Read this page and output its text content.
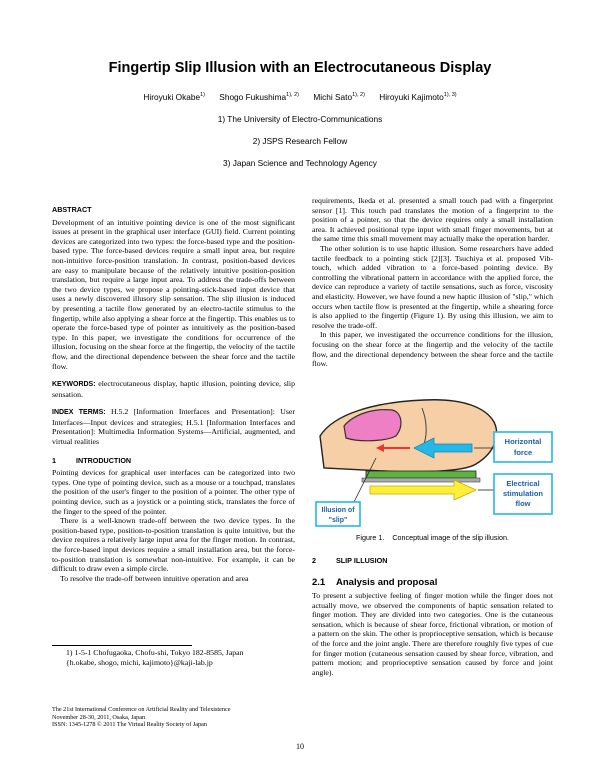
Fingertip Slip Illusion with an Electrocutaneous Display
Hiroyuki Okabe$^{1)}$ Shogo Fukushima$^{1), 2)}$ Michi Sato$^{1), 2)}$ Hiroyuki Kajimoto$^{1), 3)}$
1) The University of Electro-Communications
2) JSPS Research Fellow
3) Japan Science and Technology Agency
ABSTRACT

Development of an intuitive pointing device is one of the most significant issues at present in the graphical user interface (GUI) field. Current pointing devices are categorized into two types: the force-based type and the position-based type. The force-based devices require a small input area, but require non-intuitive force-position translation. In contrast, position-based devices are easy to manipulate because of the relatively intuitive position-position translation, but require a large input area. To address the trade-offs between the two device types, we propose a pointing-stick-based input device that uses a newly discovered illusory slip sensation. The slip illusion is induced by presenting a tactile flow generated by an electro-tactile stimulus to the fingertip, while also applying a shear force at the fingertip. This enables us to operate the force-based type of pointer as intuitively as the position-based type. In this paper, we investigate the conditions for occurrence of the illusion, focusing on the shear force at the fingertip, the velocity of the tactile flow, and the directional dependence between the shear force and the tactile flow.

KEYWORDS: electrocutaneous display, haptic illusion, pointing device, slip sensation.

INDEX TERMS: H.5.2 [Information Interfaces and Presentation]: User Interfaces—Input devices and strategies; H.5.1 [Information Interfaces and Presentation]: Multimedia Information Systems—Artificial, augmented, and virtual realities

1	INTRODUCTION

Pointing devices for graphical user interfaces can be categorized into two types. One type of pointing device, such as a mouse or a touchpad, translates the position of the user's finger to the position of a pointer. The other type of pointing device, such as a joystick or a pointing stick, translates the force of the finger to the speed of the pointer.

There is a well-known trade-off between the two device types. In the position-based type, position-to-position translation is quite intuitive, but the device requires a relatively large input area for the finger motion. In contrast, the force-based input devices require a small installation area, but the force-to-position translation is somewhat non-intuitive. For example, it can be difficult to draw even a simple circle.

To resolve the trade-off between intuitive operation and area

1) 1-5-1 Chofugaoka, Chofu-shi, Tokyo 182-8585, Japan
{h.okabe, shogo, michi, kajimoto}@kaji-lab.jp
The 21st International Conference on Artificial Reality and Telexistence
November 28-30, 2011, Osaka, Japan
ISSN: 1345-1278 © 2011 The Virtual Reality Society of Japan

requirements, Ikeda et al. presented a small touch pad with a fingerprint sensor [1]. This touch pad translates the motion of a fingerprint to the position of a pointer, so that the device requires only a small installation area. It achieved positional type input with small finger movements, but at the same time this small movement may actually make the operation harder.

The other solution is to use haptic illusion. Some researchers have added tactile feedback to a pointing stick [2][3]. Tsuchiya et al. proposed Vib-touch, which added vibration to a force-based pointing device. By controlling the vibrational pattern in accordance with the applied force, the device can reproduce a variety of tactile sensations, such as force, viscosity and elasticity. However, we have found a new haptic illusion of "slip," which occurs when tactile flow is presented at the fingertip, while a shearing force is also applied to the fingertip (Figure 1). By using this illusion, we aim to resolve the trade-off.

In this paper, we investigated the occurrence conditions for the illusion, focusing on the shear force at the fingertip and the velocity of the tactile flow, and the directional dependency between the shear force and the tactile flow.

Horizontal
force
Electrical
stimulation
flow
Illusion of
"slip"
Figure 1. Conceptual image of the slip illusion.
2	SLIP ILLUSION
2.1 Analysis and proposal

To present a subjective feeling of finger motion while the finger does not actually move, we observed the components of haptic sensation related to finger motion. They are divided into two categories. One is the cutaneous sensation, which is because of shear force, frictional vibration, or motion of a pattern on the skin. The other is proprioceptive sensation, which is because of the force and the joint angle. There are therefore roughly five types of cue for finger motion (cutaneous sensation caused by shear force, vibration, and pattern motion; and proprioceptive sensation caused by force and joint angle).

10
